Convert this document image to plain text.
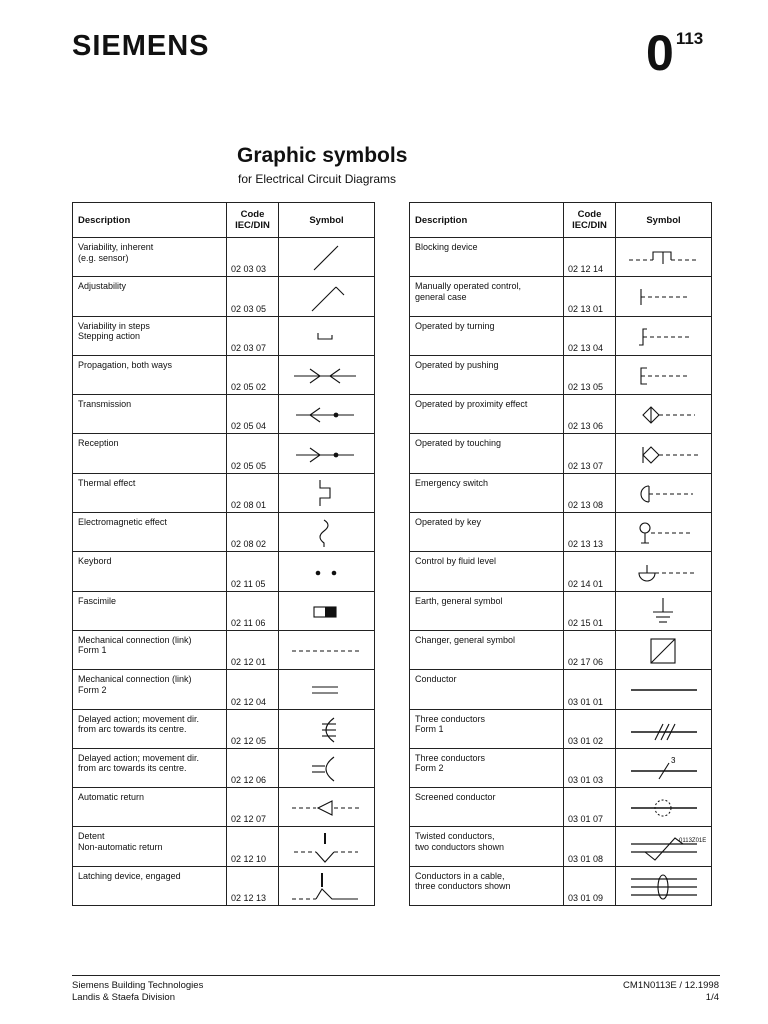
SIEMENS	0 113
Graphic symbols
for Electrical Circuit Diagrams
Description	Code
IEC/DIN	Symbol

Variability, inherent
(e.g. sensor)	02 03 03	

Adjustability	02 03 05	

Variability in steps
Stepping action	02 03 07	

Propagation, both ways	02 05 02	

Transmission	02 05 04	

Reception	02 05 05	

Thermal effect	02 08 01	

Electromagnetic effect	02 08 02	

Keybord	02 11 05	

Fascimile	02 11 06	

Mechanical connection (link)
Form 1	02 12 01	

Mechanical connection (link)
Form 2	02 12 04	

Delayed action; movement dir.
from arc towards its centre.	02 12 05	

Delayed action; movement dir.
from arc towards its centre.	02 12 06	

Automatic return	02 12 07	

Detent
Non-automatic return	02 12 10	

Latching device, engaged	02 12 13	
Description	Code
IEC/DIN	Symbol

Blocking device	02 12 14	

Manually operated control,
general case	02 13 01	

Operated by turning	02 13 04	

Operated by pushing	02 13 05	

Operated by proximity effect	02 13 06	

Operated by touching	02 13 07	

Emergency switch	02 13 08	

Operated by key	02 13 13	

Control by fluid level	02 14 01	

Earth, general symbol	02 15 01	

Changer, general symbol	02 17 06	

Conductor	03 01 01	

Three conductors
Form 1	03 01 02	

Three conductors
Form 2	03 01 03	3

Screened conductor	03 01 07	

Twisted conductors,
two conductors shown	03 01 08	

Conductors in a cable,
three conductors shown	03 01 09	
0113Z01E
Siemens Building Technologies
Landis & Staefa Division
CM1N0113E / 12.1998
1/4
